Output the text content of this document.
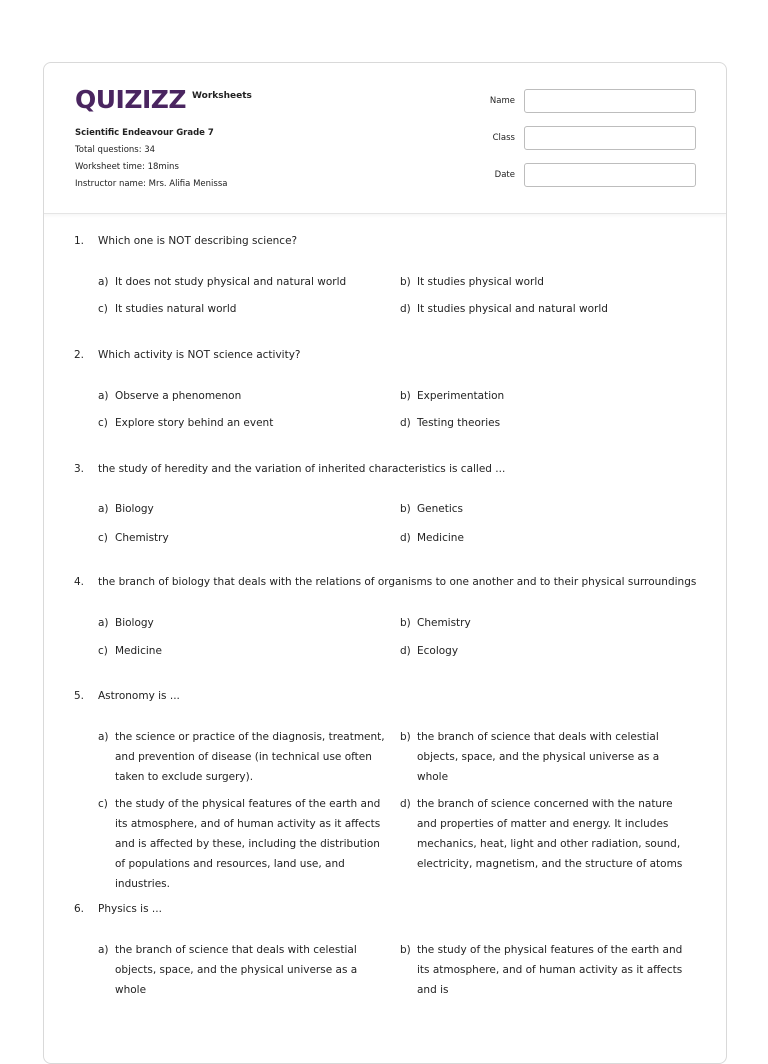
QUIZIZZ Worksheets
Scientific Endeavour Grade 7
Total questions: 34
Worksheet time: 18mins
Instructor name: Mrs. Alifia Menissa
Name
Class
Date
1.	Which one is NOT describing science?
a) It does not study physical and natural world	b) It studies physical world
c) It studies natural world	d) It studies physical and natural world
2.	Which activity is NOT science activity?
a) Observe a phenomenon	b) Experimentation
c) Explore story behind an event	d) Testing theories
3.	the study of heredity and the variation of inherited characteristics is called ...
a) Biology	b) Genetics
c) Chemistry	d) Medicine
4.	the branch of biology that deals with the relations of organisms to one another and to their physical surroundings
a) Biology	b) Chemistry
c) Medicine	d) Ecology
5.	Astronomy is ...
a) the science or practice of the diagnosis, treatment, and prevention of disease (in technical use often taken to exclude surgery).
b) the branch of science that deals with celestial objects, space, and the physical universe as a whole
c) the study of the physical features of the earth and its atmosphere, and of human activity as it affects and is affected by these, including the distribution of populations and resources, land use, and industries.
d) the branch of science concerned with the nature and properties of matter and energy. It includes mechanics, heat, light and other radiation, sound, electricity, magnetism, and the structure of atoms
6.	Physics is ...
a) the branch of science that deals with celestial objects, space, and the physical universe as a whole
b) the study of the physical features of the earth and its atmosphere, and of human activity as it affects and is
